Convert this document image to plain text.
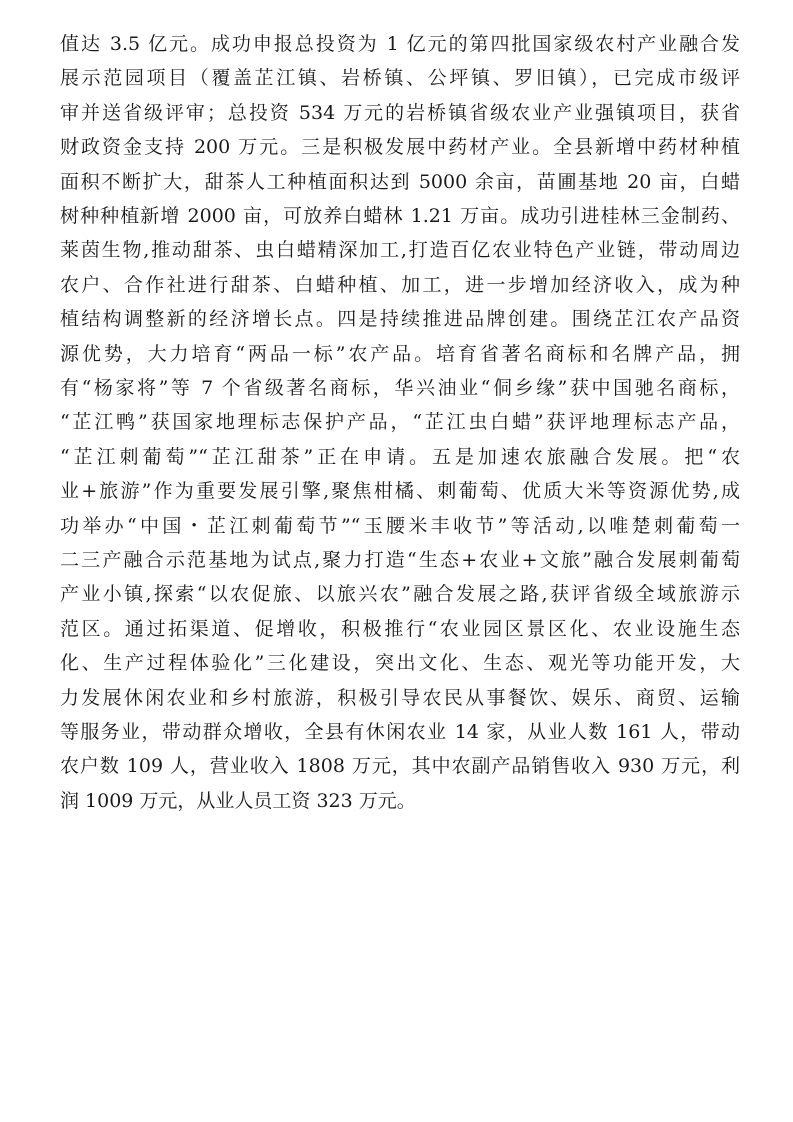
值达 3.5 亿元。成功申报总投资为 1 亿元的第四批国家级农村产业融合发
展示范园项目（覆盖芷江镇、岩桥镇、公坪镇、罗旧镇），已完成市级评
审并送省级评审；总投资 534 万元的岩桥镇省级农业产业强镇项目，获省
财政资金支持 200 万元。三是积极发展中药材产业。全县新增中药材种植
面积不断扩大，甜茶人工种植面积达到 5000 余亩，苗圃基地 20 亩，白蜡
树种种植新增 2000 亩，可放养白蜡林 1.21 万亩。成功引进桂林三金制药、
莱茵生物,推动甜茶、虫白蜡精深加工,打造百亿农业特色产业链，带动周边
农户、合作社进行甜茶、白蜡种植、加工，进一步增加经济收入，成为种
植结构调整新的经济增长点。四是持续推进品牌创建。围绕芷江农产品资
源优势，大力培育“两品一标”农产品。培育省著名商标和名牌产品，拥
有“杨家将”等 7 个省级著名商标，华兴油业“侗乡缘”获中国驰名商标，
“芷江鸭”获国家地理标志保护产品，“芷江虫白蜡”获评地理标志产品，
“芷江刺葡萄”“芷江甜茶”正在申请。五是加速农旅融合发展。把“农
业+旅游”作为重要发展引擎,聚焦柑橘、刺葡萄、优质大米等资源优势,成
功举办“中国・芷江刺葡萄节”“玉腰米丰收节”等活动,以唯楚刺葡萄一
二三产融合示范基地为试点,聚力打造“生态+农业+文旅”融合发展刺葡萄
产业小镇,探索“以农促旅、以旅兴农”融合发展之路,获评省级全域旅游示
范区。通过拓渠道、促增收，积极推行“农业园区景区化、农业设施生态
化、生产过程体验化”三化建设，突出文化、生态、观光等功能开发，大
力发展休闲农业和乡村旅游，积极引导农民从事餐饮、娱乐、商贸、运输
等服务业，带动群众增收，全县有休闲农业 14 家，从业人数 161 人，带动
农户数 109 人，营业收入 1808 万元，其中农副产品销售收入 930 万元，利
润 1009 万元，从业人员工资 323 万元。
